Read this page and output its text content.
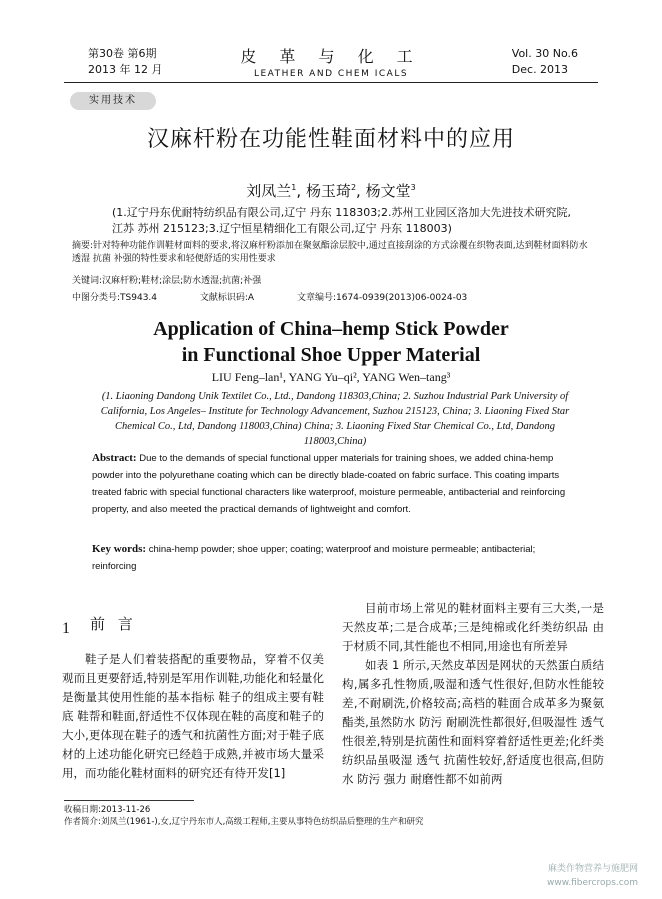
第30卷 第6期
2013 年 12 月
皮 革 与 化 工
LEATHER AND CHEM ICALS
Vol. 30 No.6
Dec. 2013
实用技术
汉麻杆粉在功能性鞋面材料中的应用
刘凤兰$^1$, 杨玉琦$^2$, 杨文堂$^3$
(1.辽宁丹东优耐特纺织品有限公司,辽宁 丹东 118303;2.苏州工业园区洛加大先进技术研究院,江苏 苏州 215123;3.辽宁恒星精细化工有限公司,辽宁 丹东 118003)
摘要:针对特种功能作训鞋材面料的要求,将汉麻杆粉添加在聚氨酯涂层胶中,通过直接刮涂的方式涂覆在织物表面,达到鞋材面料防水透湿 抗菌 补强的特性要求和轻便舒适的实用性要求
关键词:汉麻杆粉;鞋材;涂层;防水透湿;抗菌;补强
中图分类号:TS943.4	文献标识码:A	文章编号:1674-0939(2013)06-0024-03
Application of China–hemp Stick Powder
in Functional Shoe Upper Material
LIU Feng–lan¹, YANG Yu–qi², YANG Wen–tang³
(1. Liaoning Dandong Unik Textilet Co., Ltd., Dandong 118303,China; 2. Suzhou Industrial Park University of California, Los Angeles– Institute for Technology Advancement, Suzhou 215123, China; 3. Liaoning Fixed Star Chemical Co., Ltd, Dandong 118003,China) China; 3. Liaoning Fixed Star Chemical Co., Ltd, Dandong 118003,China)
Abstract: Due to the demands of special functional upper materials for training shoes, we added china-hemp powder into the polyurethane coating which can be directly blade-coated on fabric surface. This coating imparts treated fabric with special functional characters like waterproof, moisture permeable, antibacterial and reinforcing property, and also meeted the practical demands of lightweight and comfort.
Key words: china-hemp powder; shoe upper; coating; waterproof and moisture permeable; antibacterial; reinforcing
1 前 言

鞋子是人们着装搭配的重要物品，穿着不仅美观而且更要舒适,特别是军用作训鞋,功能化和轻量化是衡量其使用性能的基本指标 鞋子的组成主要有鞋底 鞋帮和鞋面,舒适性不仅体现在鞋的高度和鞋子的大小,更体现在鞋子的透气和抗菌性方面;对于鞋子底材的上述功能化研究已经趋于成熟,并被市场大量采用，而功能化鞋材面料的研究还有待开发[1]

目前市场上常见的鞋材面料主要有三大类,一是天然皮革;二是合成革;三是纯棉或化纤类纺织品 由于材质不同,其性能也不相同,用途也有所差异

如表 1 所示,天然皮革因是网状的天然蛋白质结构,属多孔性物质,吸湿和透气性很好,但防水性能较差,不耐刷洗,价格较高;高档的鞋面合成革多为聚氨酯类,虽然防水 防污 耐刷洗性都很好,但吸湿性 透气性很差,特别是抗菌性和面料穿着舒适性更差;化纤类纺织品虽吸湿 透气 抗菌性较好,舒适度也很高,但防水 防污 强力 耐磨性都不如前两

收稿日期:2013-11-26
作者简介:刘凤兰(1961-),女,辽宁丹东市人,高级工程师,主要从事特色纺织品后整理的生产和研究
麻类作物营养与施肥网
www.fibercrops.com
